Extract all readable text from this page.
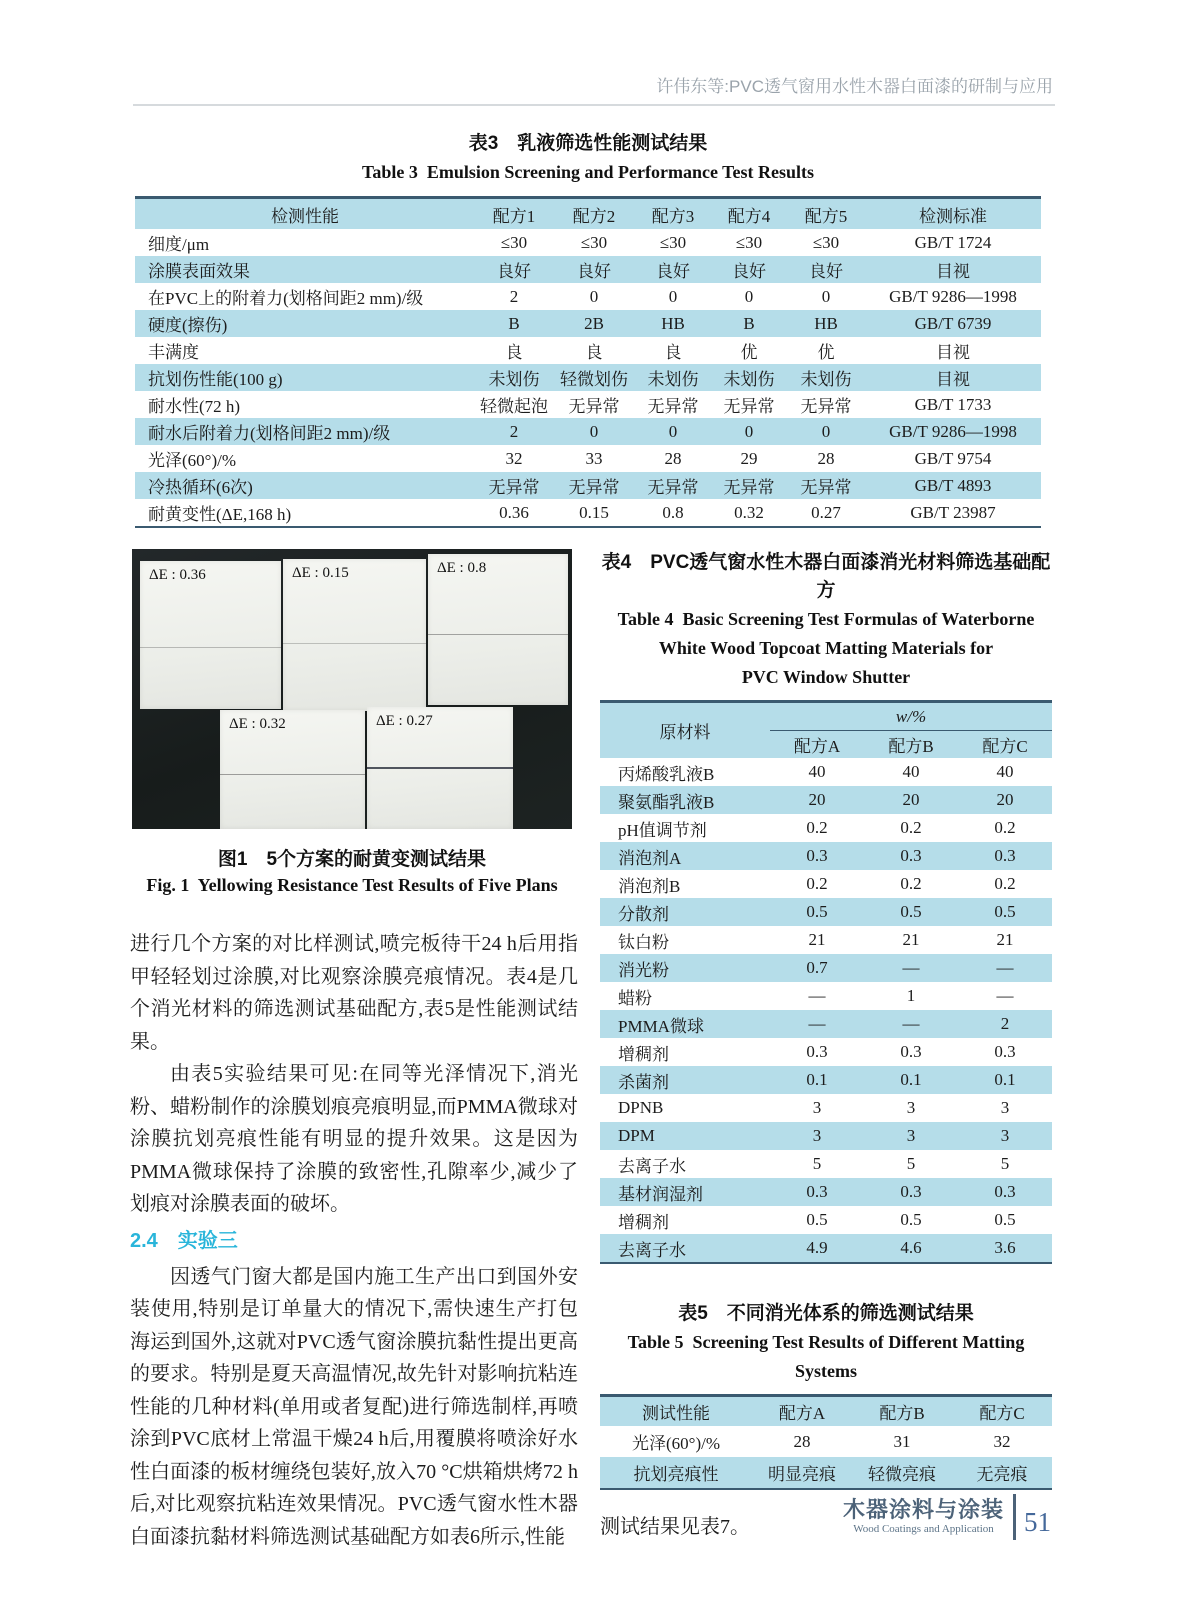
许伟东等:PVC透气窗用水性木器白面漆的研制与应用
表3　乳液筛选性能测试结果
Table 3  Emulsion Screening and Performance Test Results
检测性能	配方1	配方2	配方3	配方4	配方5	检测标准
细度/μm	≤30	≤30	≤30	≤30	≤30	GB/T 1724
涂膜表面效果	良好	良好	良好	良好	良好	目视
在PVC上的附着力(划格间距2 mm)/级	2	0	0	0	0	GB/T 9286—1998
硬度(擦伤)	B	2B	HB	B	HB	GB/T 6739
丰满度	良	良	良	优	优	目视
抗划伤性能(100 g)	未划伤	轻微划伤	未划伤	未划伤	未划伤	目视
耐水性(72 h)	轻微起泡	无异常	无异常	无异常	无异常	GB/T 1733
耐水后附着力(划格间距2 mm)/级	2	0	0	0	0	GB/T 9286—1998
光泽(60°)/%	32	33	28	29	28	GB/T 9754
冷热循环(6次)	无异常	无异常	无异常	无异常	无异常	GB/T 4893
耐黄变性(ΔE,168 h)	0.36	0.15	0.8	0.32	0.27	GB/T 23987
ΔE : 0.36	ΔE : 0.15	ΔE : 0.8
ΔE : 0.32	ΔE : 0.27
图1　5个方案的耐黄变测试结果
Fig. 1  Yellowing Resistance Test Results of Five Plans

进行几个方案的对比样测试,喷完板待干24 h后用指甲轻轻划过涂膜,对比观察涂膜亮痕情况。表4是几个消光材料的筛选测试基础配方,表5是性能测试结果。

由表5实验结果可见:在同等光泽情况下,消光粉、蜡粉制作的涂膜划痕亮痕明显,而PMMA微球对涂膜抗划亮痕性能有明显的提升效果。这是因为PMMA微球保持了涂膜的致密性,孔隙率少,减少了划痕对涂膜表面的破坏。

2.4　实验三

因透气门窗大都是国内施工生产出口到国外安装使用,特别是订单量大的情况下,需快速生产打包海运到国外,这就对PVC透气窗涂膜抗黏性提出更高的要求。特别是夏天高温情况,故先针对影响抗粘连性能的几种材料(单用或者复配)进行筛选制样,再喷涂到PVC底材上常温干燥24 h后,用覆膜将喷涂好水性白面漆的板材缠绕包装好,放入70 °C烘箱烘烤72 h后,对比观察抗粘连效果情况。PVC透气窗水性木器白面漆抗黏材料筛选测试基础配方如表6所示,性能

表4　PVC透气窗水性木器白面漆消光材料筛选基础配方
Table 4  Basic Screening Test Formulas of Waterborne
White Wood Topcoat Matting Materials for
PVC Window Shutter
原材料	w/%		
	配方A	配方B	配方C
丙烯酸乳液B	40	40	40
聚氨酯乳液B	20	20	20
pH值调节剂	0.2	0.2	0.2
消泡剂A	0.3	0.3	0.3
消泡剂B	0.2	0.2	0.2
分散剂	0.5	0.5	0.5
钛白粉	21	21	21
消光粉	0.7	—	—
蜡粉	—	1	—
PMMA微球	—	—	2
增稠剂	0.3	0.3	0.3
杀菌剂	0.1	0.1	0.1
DPNB	3	3	3
DPM	3	3	3
去离子水	5	5	5
基材润湿剂	0.3	0.3	0.3
增稠剂	0.5	0.5	0.5
去离子水	4.9	4.6	3.6
表5　不同消光体系的筛选测试结果
Table 5  Screening Test Results of Different Matting
Systems
测试性能	配方A	配方B	配方C
光泽(60°)/%	28	31	32
抗划亮痕性	明显亮痕	轻微亮痕	无亮痕

测试结果见表7。

木器涂料与涂装
Wood Coatings and Application	51
